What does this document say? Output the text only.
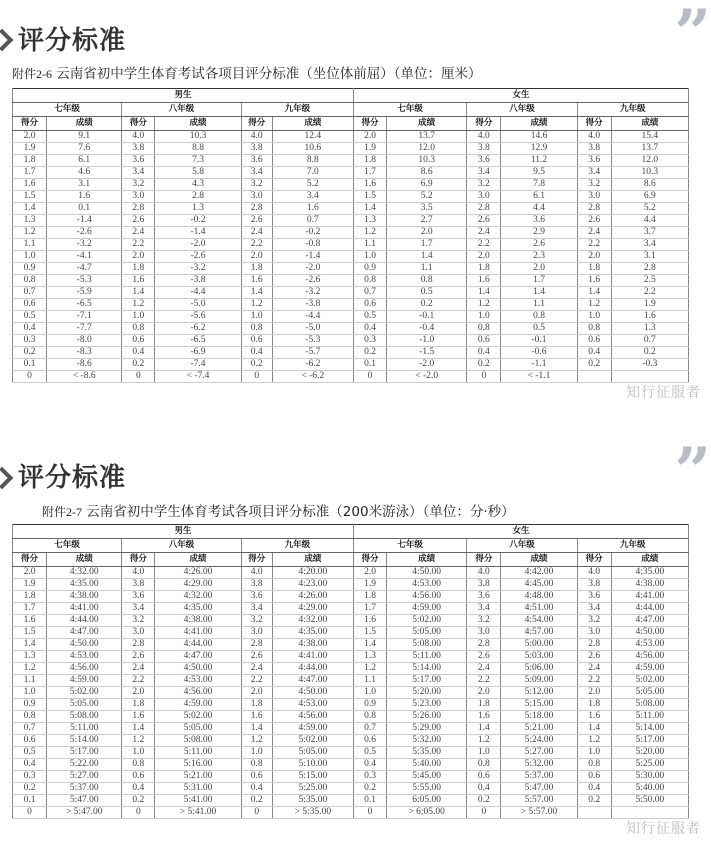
评分标准	”
附件2-6 云南省初中学生体育考试各项目评分标准（坐位体前屈）（单位：厘米）
男生						女生					
七年级		八年级		九年级		七年级		八年级		九年级	
得分	成绩	得分	成绩	得分	成绩	得分	成绩	得分	成绩	得分	成绩
2.0	9.1	4.0	10.3	4.0	12.4	2.0	13.7	4.0	14.6	4.0	15.4
1.9	7.6	3.8	8.8	3.8	10.6	1.9	12.0	3.8	12.9	3.8	13.7
1.8	6.1	3.6	7.3	3.6	8.8	1.8	10.3	3.6	11.2	3.6	12.0
1.7	4.6	3.4	5.8	3.4	7.0	1.7	8.6	3.4	9.5	3.4	10.3
1.6	3.1	3.2	4.3	3.2	5.2	1.6	6.9	3.2	7.8	3.2	8.6
1.5	1.6	3.0	2.8	3.0	3.4	1.5	5.2	3.0	6.1	3.0	6.9
1.4	0.1	2.8	1.3	2.8	1.6	1.4	3.5	2.8	4.4	2.8	5.2
1.3	-1.4	2.6	-0.2	2.6	0.7	1.3	2.7	2.6	3.6	2.6	4.4
1.2	-2.6	2.4	-1.4	2.4	-0.2	1.2	2.0	2.4	2.9	2.4	3.7
1.1	-3.2	2.2	-2.0	2.2	-0.8	1.1	1.7	2.2	2.6	2.2	3.4
1.0	-4.1	2.0	-2.6	2.0	-1.4	1.0	1.4	2.0	2.3	2.0	3.1
0.9	-4.7	1.8	-3.2	1.8	-2.0	0.9	1.1	1.8	2.0	1.8	2.8
0.8	-5.3	1.6	-3.8	1.6	-2.6	0.8	0.8	1.6	1.7	1.6	2.5
0.7	-5.9	1.4	-4.4	1.4	-3.2	0.7	0.5	1.4	1.4	1.4	2.2
0.6	-6.5	1.2	-5.0	1.2	-3.8	0.6	0.2	1.2	1.1	1.2	1.9
0.5	-7.1	1.0	-5.6	1.0	-4.4	0.5	-0.1	1.0	0.8	1.0	1.6
0.4	-7.7	0.8	-6.2	0.8	-5.0	0.4	-0.4	0.8	0.5	0.8	1.3
0.3	-8.0	0.6	-6.5	0.6	-5.3	0.3	-1.0	0.6	-0.1	0.6	0.7
0.2	-8.3	0.4	-6.9	0.4	-5.7	0.2	-1.5	0.4	-0.6	0.4	0.2
0.1	-8.6	0.2	-7.4	0.2	-6.2	0.1	-2.0	0.2	-1.1	0.2	-0.3
0	< -8.6	0	< -7.4	0	< -6.2	0	< -2.0	0	< -1.1		
知行征服者
评分标准	”
附件2-7 云南省初中学生体育考试各项目评分标准（200米游泳）（单位：分·秒）
男生						女生					
七年级		八年级		九年级		七年级		八年级		九年级	
得分	成绩	得分	成绩	得分	成绩	得分	成绩	得分	成绩	得分	成绩
2.0	4:32.00	4.0	4:26.00	4.0	4:20.00	2.0	4:50.00	4.0	4:42.00	4.0	4:35.00
1.9	4:35.00	3.8	4:29.00	3.8	4:23.00	1.9	4:53.00	3.8	4:45.00	3.8	4:38.00
1.8	4:38.00	3.6	4:32.00	3.6	4:26.00	1.8	4:56.00	3.6	4:48.00	3.6	4:41.00
1.7	4:41.00	3.4	4:35.00	3.4	4:29.00	1.7	4:59.00	3.4	4:51.00	3.4	4:44.00
1.6	4:44.00	3.2	4:38.00	3.2	4:32.00	1.6	5:02.00	3.2	4:54.00	3.2	4:47.00
1.5	4:47.00	3.0	4:41.00	3.0	4:35.00	1.5	5:05.00	3.0	4:57.00	3.0	4:50.00
1.4	4:50.00	2.8	4:44.00	2.8	4:38.00	1.4	5:08.00	2.8	5:00.00	2.8	4:53.00
1.3	4:53.00	2.6	4:47.00	2.6	4:41.00	1.3	5:11.00	2.6	5:03.00	2.6	4:56.00
1.2	4:56.00	2.4	4:50.00	2.4	4:44.00	1.2	5:14.00	2.4	5:06.00	2.4	4:59.00
1.1	4:59.00	2.2	4:53.00	2.2	4:47.00	1.1	5:17.00	2.2	5:09.00	2.2	5:02.00
1.0	5:02.00	2.0	4:56.00	2.0	4:50.00	1.0	5:20.00	2.0	5:12.00	2.0	5:05.00
0.9	5:05.00	1.8	4:59.00	1.8	4:53.00	0.9	5:23.00	1.8	5:15.00	1.8	5:08.00
0.8	5:08.00	1.6	5:02.00	1.6	4:56.00	0.8	5:26.00	1.6	5:18.00	1.6	5:11.00
0.7	5:11.00	1.4	5:05.00	1.4	4:59.00	0.7	5:29.00	1.4	5:21.00	1.4	5:14.00
0.6	5:14.00	1.2	5:08.00	1.2	5:02.00	0.6	5:32.00	1.2	5:24.00	1.2	5:17.00
0.5	5:17.00	1.0	5:11.00	1.0	5:05.00	0.5	5:35.00	1.0	5:27.00	1.0	5:20.00
0.4	5:22.00	0.8	5:16.00	0.8	5:10.00	0.4	5:40.00	0.8	5:32.00	0.8	5:25.00
0.3	5:27.00	0.6	5:21.00	0.6	5:15.00	0.3	5:45.00	0.6	5:37.00	0.6	5:30.00
0.2	5:37.00	0.4	5:31.00	0.4	5:25.00	0.2	5:55.00	0.4	5:47.00	0.4	5:40.00
0.1	5:47.00	0.2	5:41.00	0.2	5:35.00	0.1	6:05.00	0.2	5:57.00	0.2	5:50.00
0	> 5:47.00	0	> 5:41.00	0	> 5:35.00	0	> 6:05.00	0	> 5:57.00		
知行征服者
